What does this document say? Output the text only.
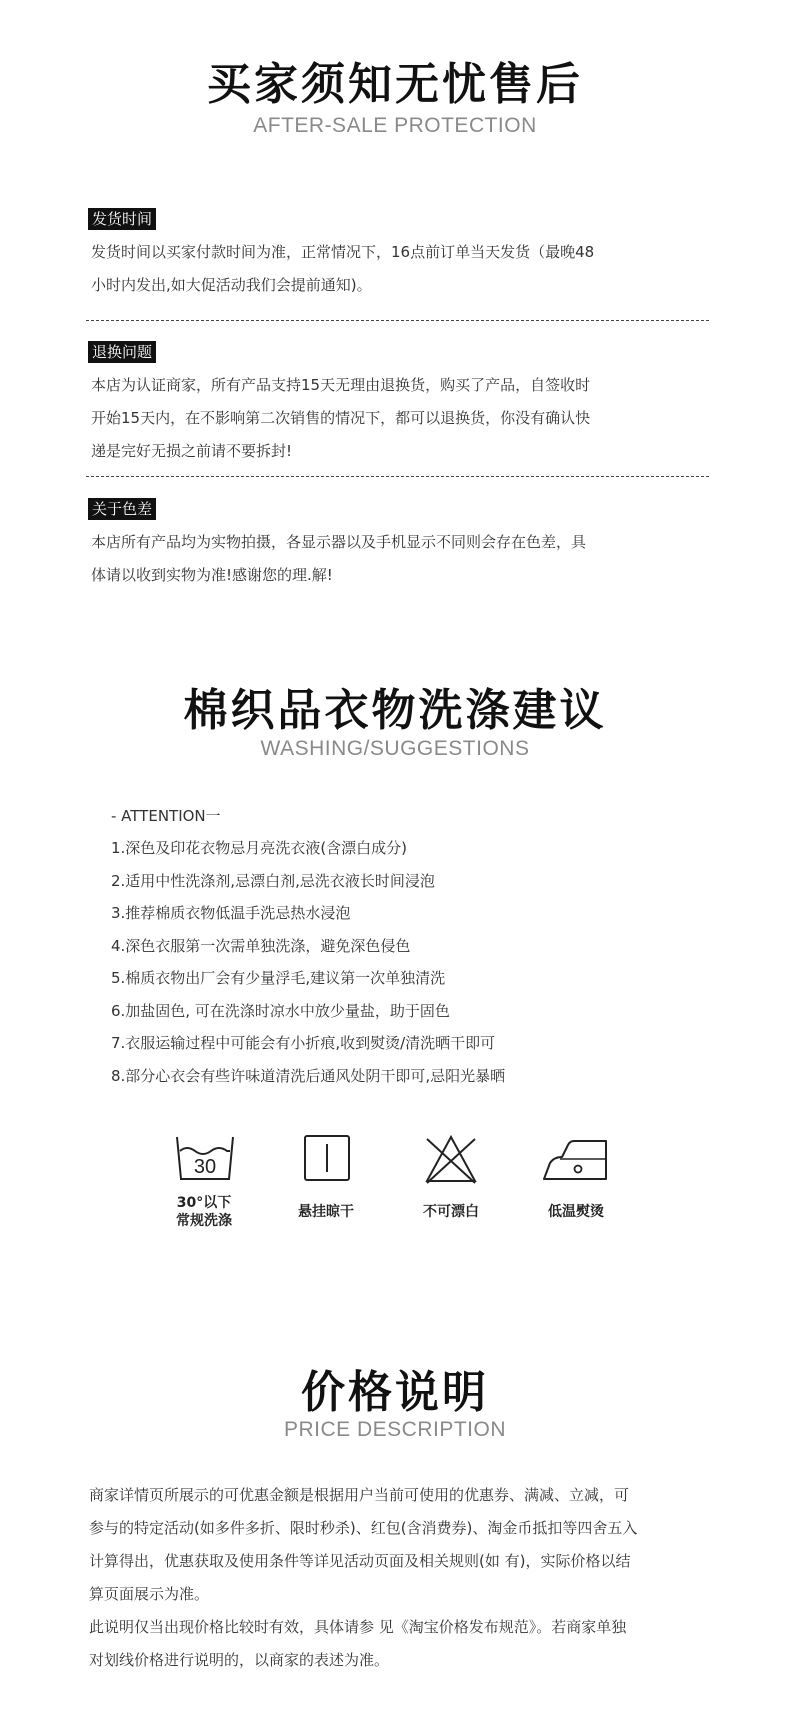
买家须知无忧售后
AFTER-SALE PROTECTION
发货时间
发货时间以买家付款时间为准，正常情况下，16点前订单当天发货（最晚48
小时内发出,如大促活动我们会提前通知)。
退换问题
本店为认证商家，所有产品支持15天无理由退换货，购买了产品，自签收时
开始15天内，在不影响第二次销售的情况下，都可以退换货，你没有确认快
递是完好无损之前请不要拆封!
关于色差
本店所有产品均为实物拍摄，各显示器以及手机显示不同则会存在色差，具
体请以收到实物为准!感谢您的理.解!
棉织品衣物洗涤建议
WASHING/SUGGESTIONS
- ATTENTION一
1.深色及印花衣物忌月亮洗衣液(含漂白成分)
2.适用中性洗涤剂,忌漂白剂,忌洗衣液长时间浸泡
3.推荐棉质衣物低温手洗忌热水浸泡
4.深色衣服第一次需单独洗涤，避免深色侵色
5.棉质衣物出厂会有少量浮毛,建议第一次单独清洗
6.加盐固色, 可在洗涤时凉水中放少量盐，助于固色
7.衣服运输过程中可能会有小折痕,收到熨烫/清洗晒干即可
8.部分心衣会有些许味道清洗后通风处阴干即可,忌阳光暴晒
30
30°以下
常规洗涤
悬挂晾干	不可漂白	低温熨烫
价格说明
PRICE DESCRIPTION
商家详情页所展示的可优惠金额是根据用户当前可使用的优惠券、满减、立减，可
参与的特定活动(如多件多折、限时秒杀)、红包(含消费券)、淘金币抵扣等四舍五入
计算得出，优惠获取及使用条件等详见活动页面及相关规则(如 有)，实际价格以结
算页面展示为准。
此说明仅当出现价格比较时有效，具体请参 见《淘宝价格发布规范》。若商家单独
对划线价格进行说明的，以商家的表述为准。
